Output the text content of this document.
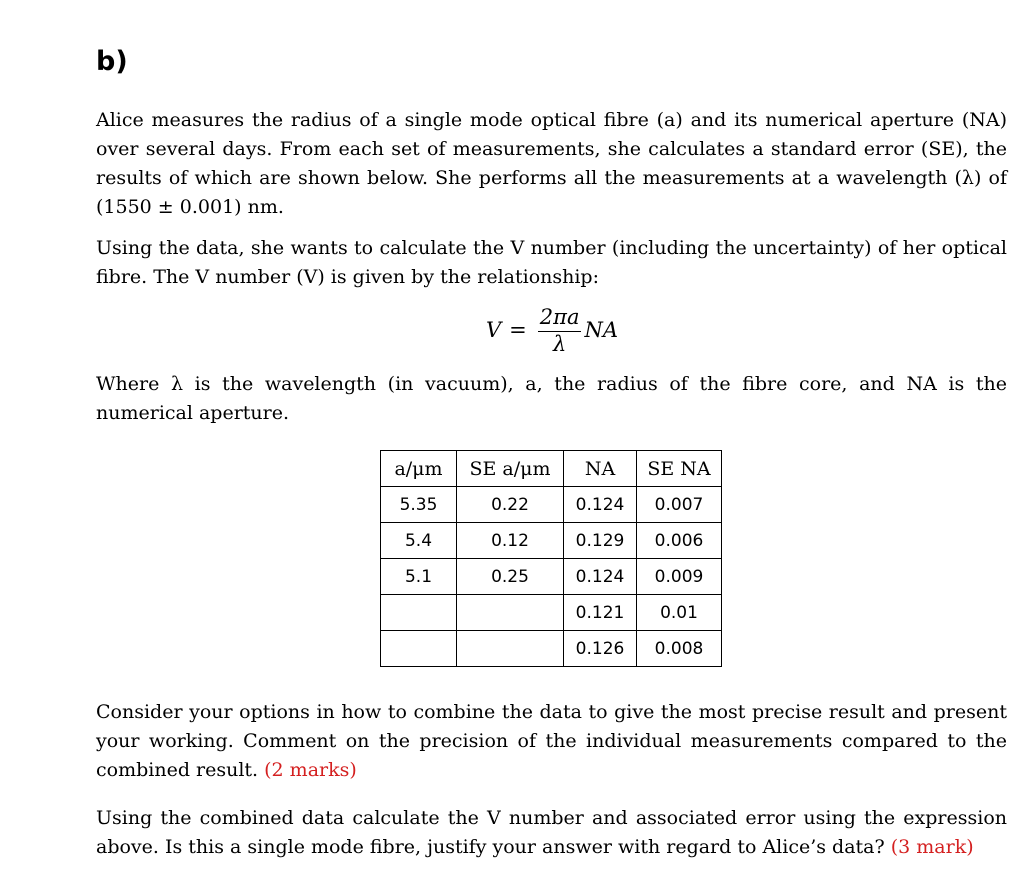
b)

Alice measures the radius of a single mode optical fibre (a) and its numerical aperture (NA) over several days. From each set of measurements, she calculates a standard error (SE), the results of which are shown below. She performs all the measurements at a wavelength (λ) of (1550 ± 0.001) nm.

Using the data, she wants to calculate the V number (including the uncertainty) of her optical fibre. The V number (V) is given by the relationship:

$V = \frac{2\pi a}{\lambda}$ NA

Where λ is the wavelength (in vacuum), a, the radius of the fibre core, and NA is the numerical aperture.

a/μm	SE a/μm	NA	SE NA
5.35	0.22	0.124	0.007
5.4	0.12	0.129	0.006
5.1	0.25	0.124	0.009
		0.121	0.01
		0.126	0.008

Consider your options in how to combine the data to give the most precise result and present your working. Comment on the precision of the individual measurements compared to the combined result. (2 marks)

Using the combined data calculate the V number and associated error using the expression above. Is this a single mode fibre, justify your answer with regard to Alice’s data? (3 mark)
